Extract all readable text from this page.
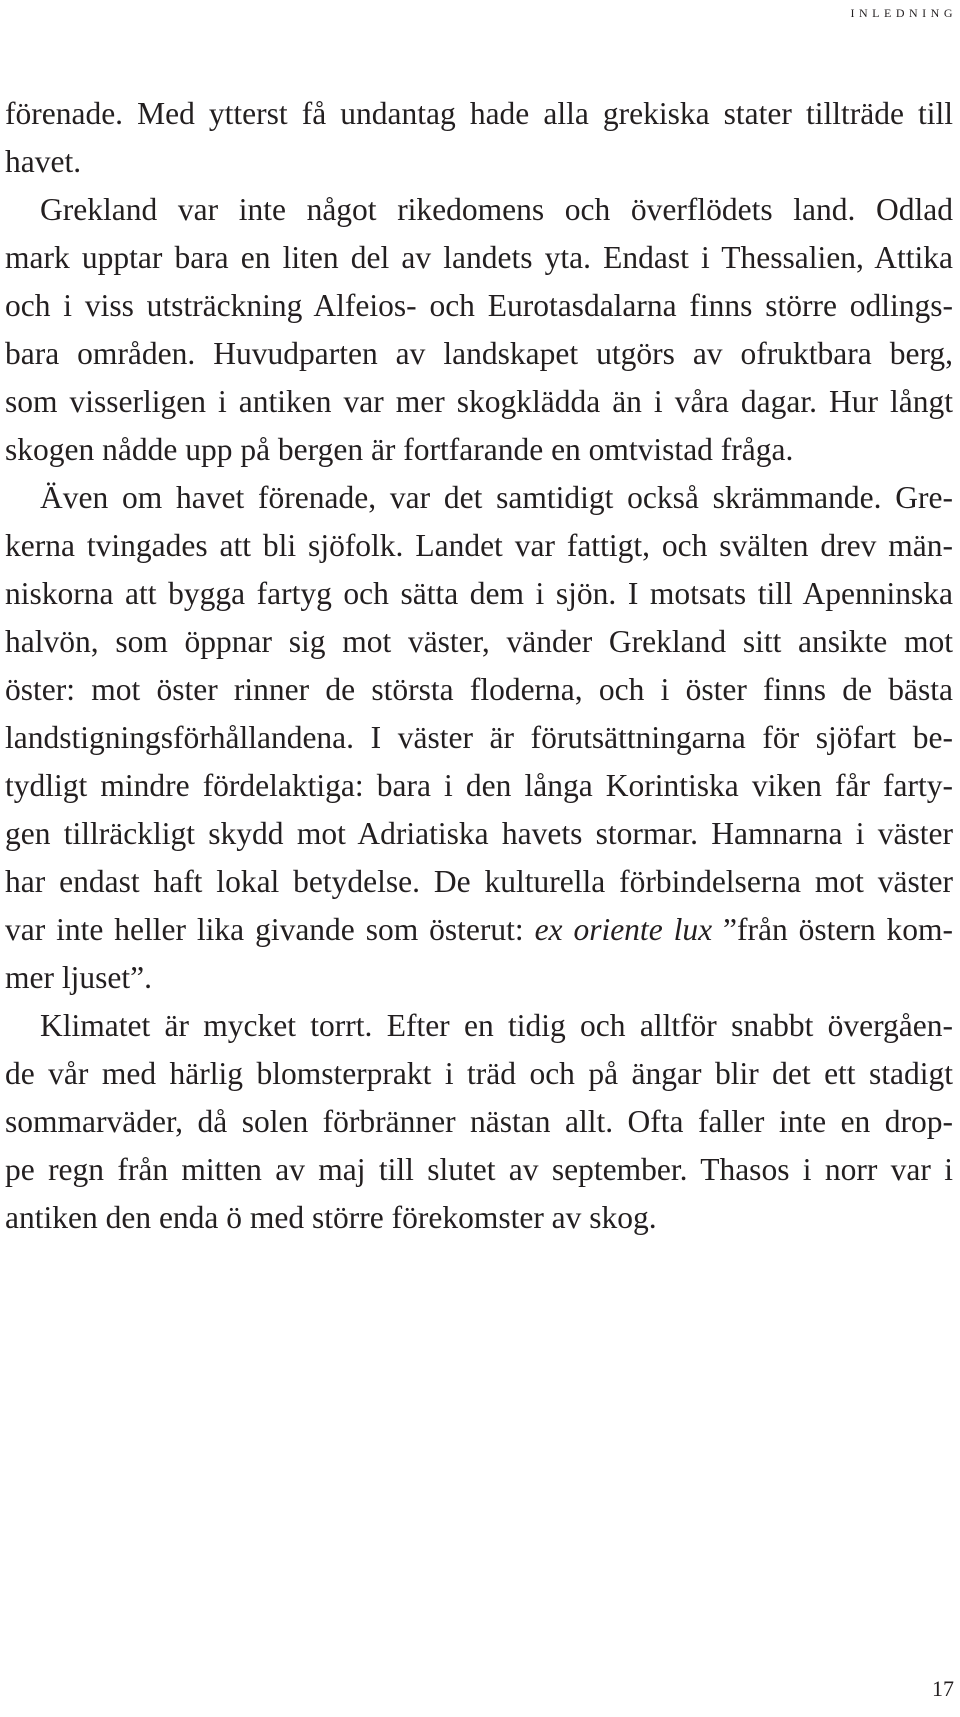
inledning
förenade. Med ytterst få undantag hade alla grekiska stater tillträde till
havet.
Grekland var inte något rikedomens och överflödets land. Odlad
mark upptar bara en liten del av landets yta. Endast i Thessalien, Attika
och i viss utsträckning Alfeios- och Eurotasdalarna finns större odlings-
bara områden. Huvudparten av landskapet utgörs av ofruktbara berg,
som visserligen i antiken var mer skogklädda än i våra dagar. Hur långt
skogen nådde upp på bergen är fortfarande en omtvistad fråga.
Även om havet förenade, var det samtidigt också skrämmande. Gre-
kerna tvingades att bli sjöfolk. Landet var fattigt, och svälten drev män-
niskorna att bygga fartyg och sätta dem i sjön. I motsats till Apenninska
halvön, som öppnar sig mot väster, vänder Grekland sitt ansikte mot
öster: mot öster rinner de största floderna, och i öster finns de bästa
landstigningsförhållandena. I väster är förutsättningarna för sjöfart be-
tydligt mindre fördelaktiga: bara i den långa Korintiska viken får farty-
gen tillräckligt skydd mot Adriatiska havets stormar. Hamnarna i väster
har endast haft lokal betydelse. De kulturella förbindelserna mot väster
var inte heller lika givande som österut: ex oriente lux ”från östern kom-
mer ljuset”.
Klimatet är mycket torrt. Efter en tidig och alltför snabbt övergåen-
de vår med härlig blomsterprakt i träd och på ängar blir det ett stadigt
sommarväder, då solen förbränner nästan allt. Ofta faller inte en drop-
pe regn från mitten av maj till slutet av september. Thasos i norr var i
antiken den enda ö med större förekomster av skog.
17
